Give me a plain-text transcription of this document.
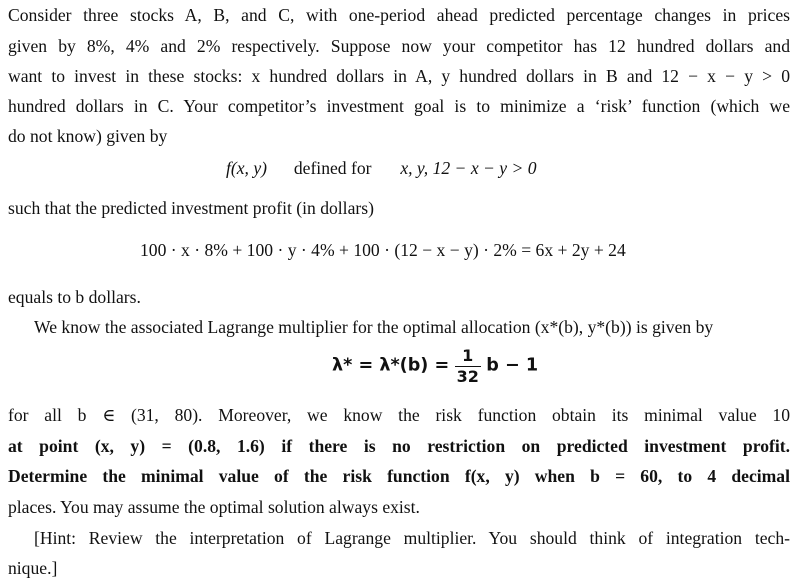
Consider three stocks A, B, and C, with one-period ahead predicted percentage changes in prices
given by 8%, 4% and 2% respectively. Suppose now your competitor has 12 hundred dollars and
want to invest in these stocks: x hundred dollars in A, y hundred dollars in B and 12 − x − y > 0
hundred dollars in C. Your competitor’s investment goal is to minimize a ‘risk’ function (which we
do not know) given by
f(x, y) defined for x, y, 12 − x − y > 0
such that the predicted investment profit (in dollars)
100 · x · 8% + 100 · y · 4% + 100 · (12 − x − y) · 2% = 6x + 2y + 24
equals to b dollars.
We know the associated Lagrange multiplier for the optimal allocation (x*(b), y*(b)) is given by
$\lambda* = \lambda*(b) = \frac{1}{32}$ b − 1
for all b ∈ (31, 80). Moreover, we know the risk function obtain its minimal value 10
at point (x, y) = (0.8, 1.6) if there is no restriction on predicted investment profit.
Determine the minimal value of the risk function f(x, y) when b = 60, to 4 decimal
places. You may assume the optimal solution always exist.
[Hint: Review the interpretation of Lagrange multiplier. You should think of integration tech-
nique.]
